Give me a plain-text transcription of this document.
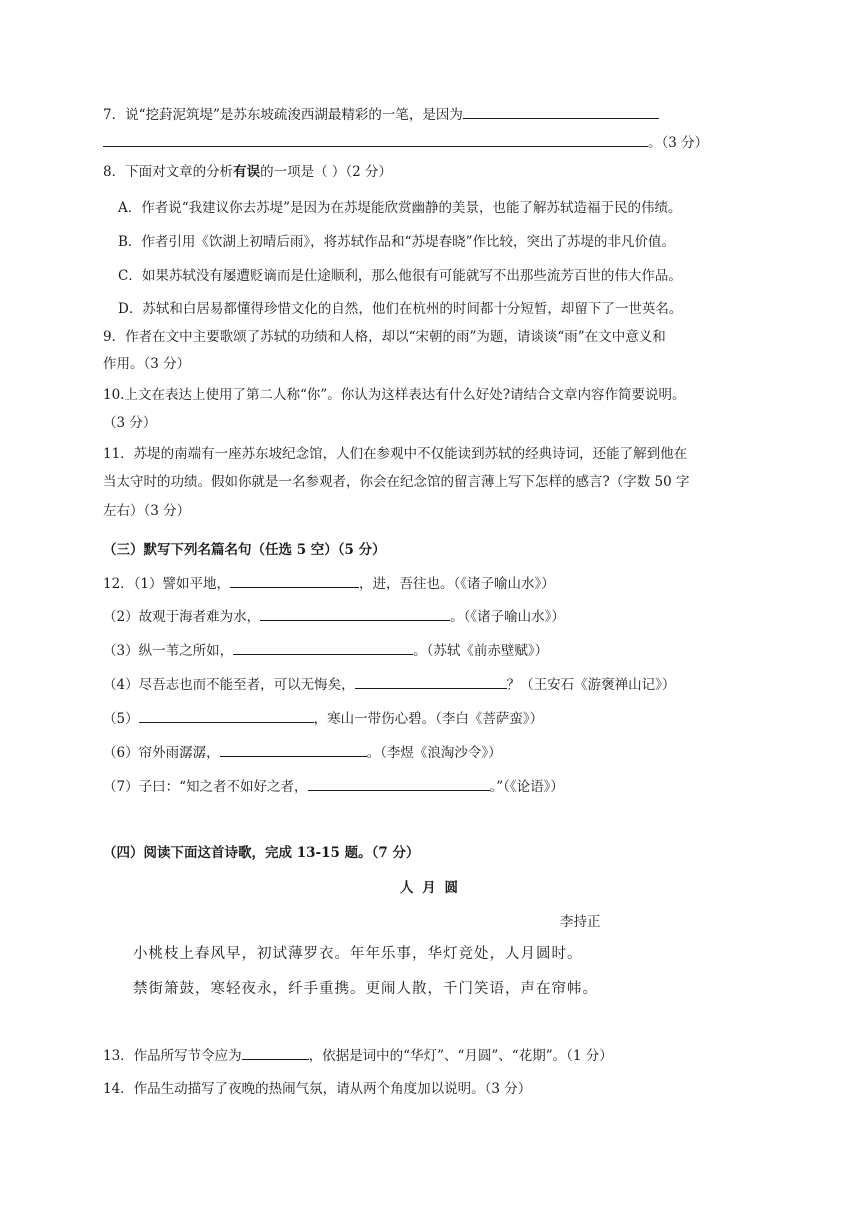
7．说“挖葑泥筑堤”是苏东坡疏浚西湖最精彩的一笔，是因为
。（3 分）
8．下面对文章的分析有误的一项是（ ）（2 分）
A．作者说“我建议你去苏堤”是因为在苏堤能欣赏幽静的美景，也能了解苏轼造福于民的伟绩。
B．作者引用《饮湖上初晴后雨》，将苏轼作品和“苏堤春晓”作比较，突出了苏堤的非凡价值。
C．如果苏轼没有屡遭贬谪而是仕途顺利，那么他很有可能就写不出那些流芳百世的伟大作品。
D．苏轼和白居易都懂得珍惜文化的自然，他们在杭州的时间都十分短暂，却留下了一世英名。
9．作者在文中主要歌颂了苏轼的功绩和人格，却以“宋朝的雨”为题，请谈谈“雨”在文中意义和
作用。（3 分）
10.上文在表达上使用了第二人称“你”。你认为这样表达有什么好处?请结合文章内容作简要说明。
（3 分）
11．苏堤的南端有一座苏东坡纪念馆，人们在参观中不仅能读到苏轼的经典诗词，还能了解到他在
当太守时的功绩。假如你就是一名参观者，你会在纪念馆的留言薄上写下怎样的感言?（字数 50 字
左右）（3 分）
（三）默写下列名篇名句（任选 5 空）（5 分）
12．（1）譬如平地，	，进，吾往也。（《诸子喻山水》）
（2）故观于海者难为水，	。（《诸子喻山水》）
（3）纵一苇之所如，	。（苏轼《前赤壁赋》）
（4）尽吾志也而不能至者，可以无悔矣，	？（王安石《游褒禅山记》）
（5）	，寒山一带伤心碧。（李白《菩萨蛮》）
（6）帘外雨潺潺，	。（李煜《浪淘沙令》）
（7）子曰：“知之者不如好之者，	。”（《论语》）
（四）阅读下面这首诗歌，完成 13-15 题。（7 分）
人 月 圆
李持正
小桃枝上春风早，初试薄罗衣。年年乐事，华灯竞处，人月圆时。
禁街箫鼓，寒轻夜永，纤手重携。更闹人散，千门笑语，声在帘帏。
13．作品所写节令应为	，依据是词中的“华灯”、“月圆”、“花期”。（1 分）
14．作品生动描写了夜晚的热闹气氛，请从两个角度加以说明。（3 分）
